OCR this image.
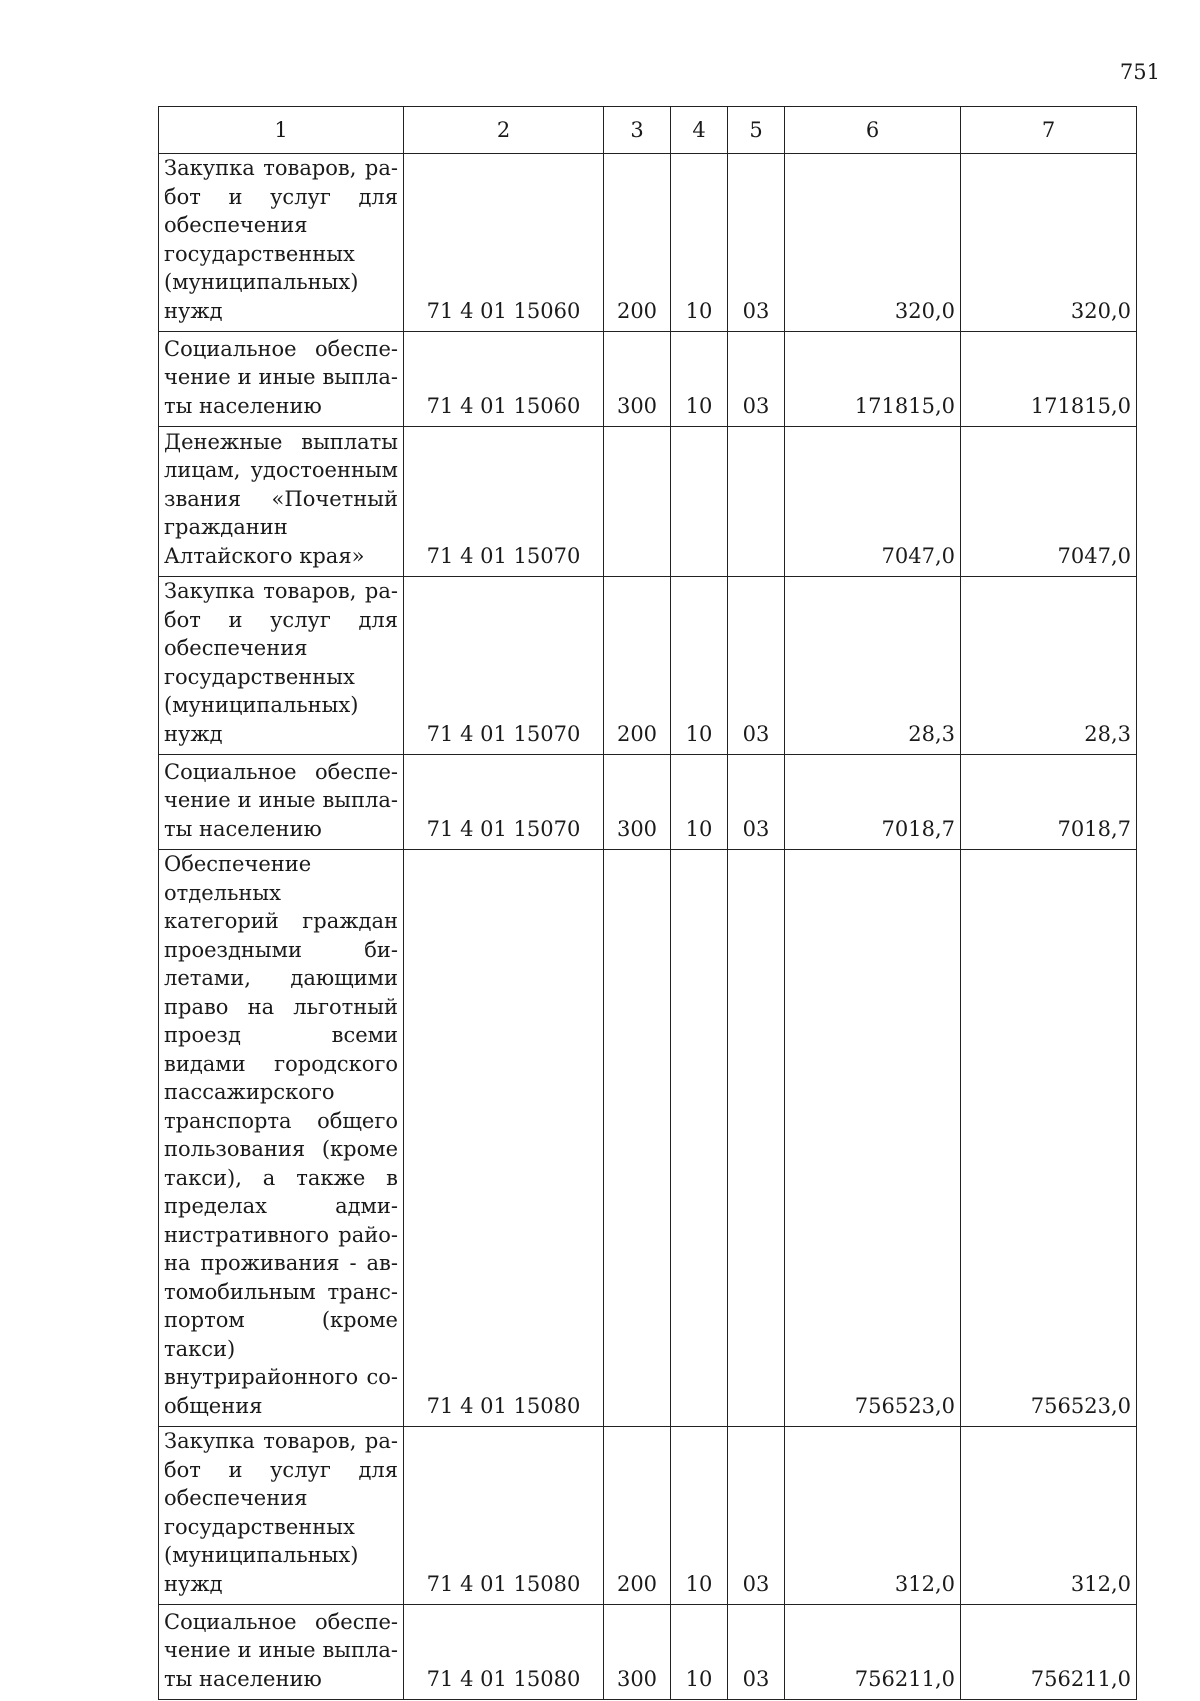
751
1	2	3	4	5	6	7
Закупка товаров, работ и услуг для обеспечения государственных (муниципальных) нужд	71 4 01 15060	200	10	03	320,0	320,0
Социальное обеспечение и иные выплаты населению	71 4 01 15060	300	10	03	171815,0	171815,0
Денежные выплаты лицам, удостоенным звания «Почетный гражданин Алтайского края»	71 4 01 15070				7047,0	7047,0
Закупка товаров, работ и услуг для обеспечения государственных (муниципальных) нужд	71 4 01 15070	200	10	03	28,3	28,3
Социальное обеспечение и иные выплаты населению	71 4 01 15070	300	10	03	7018,7	7018,7
Обеспечение отдельных категорий граждан проездными билетами, дающими право на льготный проезд всеми видами городского пассажирского транспорта общего пользования (кроме такси), а также в пределах административного района проживания - автомобильным транспортом (кроме такси) внутрирайонного сообщения	71 4 01 15080				756523,0	756523,0
Закупка товаров, работ и услуг для обеспечения государственных (муниципальных) нужд	71 4 01 15080	200	10	03	312,0	312,0
Социальное обеспечение и иные выплаты населению	71 4 01 15080	300	10	03	756211,0	756211,0
